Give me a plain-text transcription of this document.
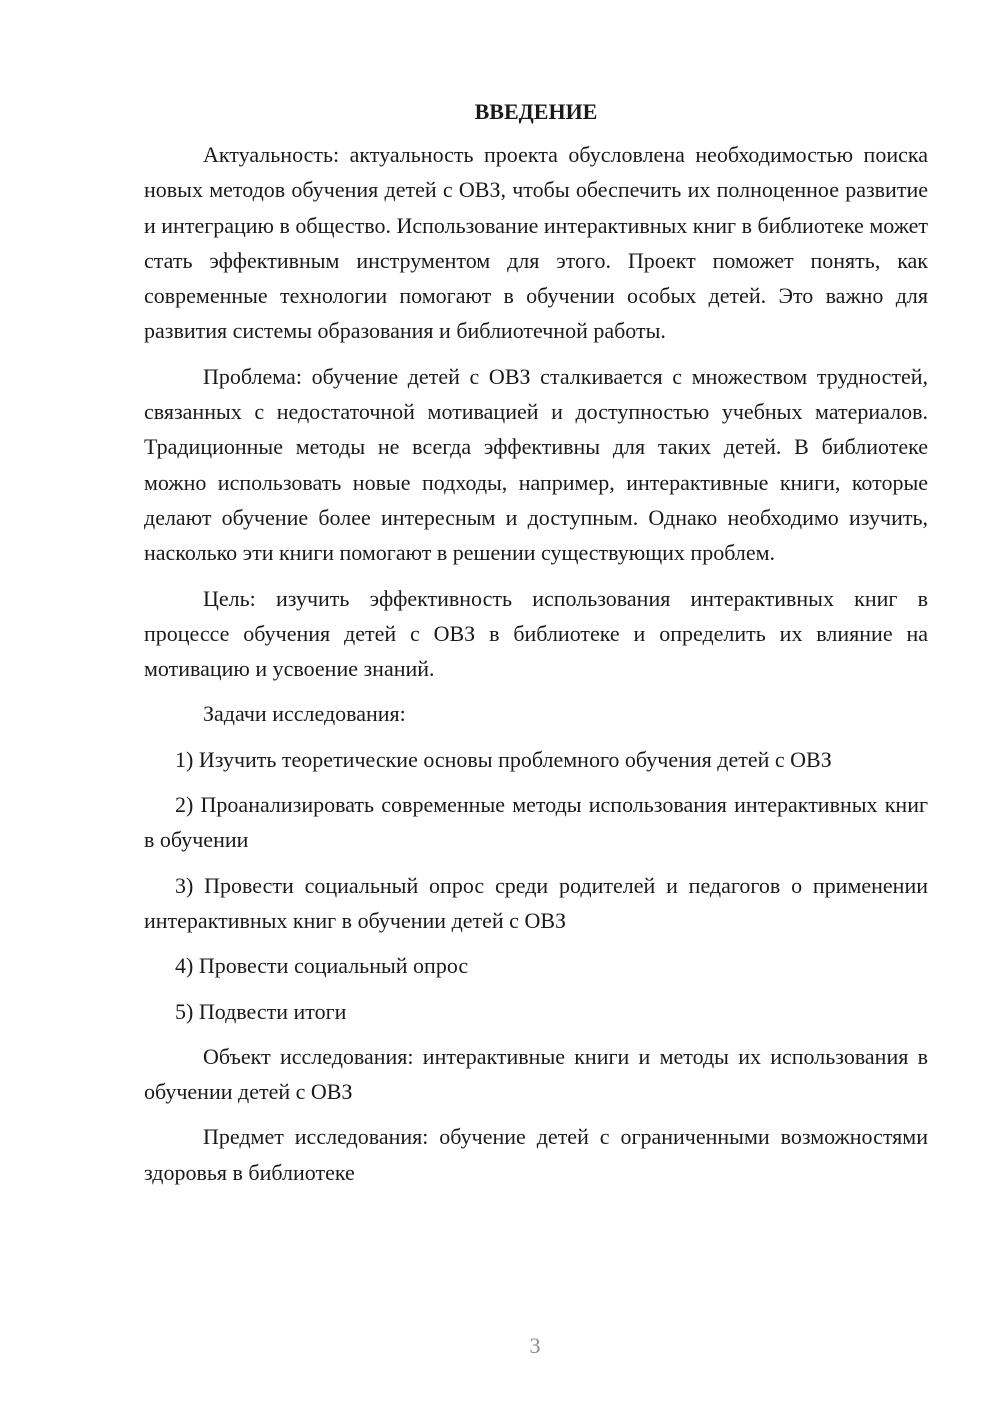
ВВЕДЕНИЕ

Актуальность: актуальность проекта обусловлена необходимостью поиска новых методов обучения детей с ОВЗ, чтобы обеспечить их полноценное развитие и интеграцию в общество. Использование интерактивных книг в библиотеке может стать эффективным инструментом для этого. Проект поможет понять, как современные технологии помогают в обучении особых детей. Это важно для развития системы образования и библиотечной работы.

Проблема: обучение детей с ОВЗ сталкивается с множеством трудностей, связанных с недостаточной мотивацией и доступностью учебных материалов. Традиционные методы не всегда эффективны для таких детей. В библиотеке можно использовать новые подходы, например, интерактивные книги, которые делают обучение более интересным и доступным. Однако необходимо изучить, насколько эти книги помогают в решении существующих проблем.

Цель: изучить эффективность использования интерактивных книг в процессе обучения детей с ОВЗ в библиотеке и определить их влияние на мотивацию и усвоение знаний.

Задачи исследования:

1) Изучить теоретические основы проблемного обучения детей с ОВЗ

2) Проанализировать современные методы использования интерактивных книг в обучении

3) Провести социальный опрос среди родителей и педагогов о применении интерактивных книг в обучении детей с ОВЗ

4) Провести социальный опрос

5) Подвести итоги

Объект исследования: интерактивные книги и методы их использования в обучении детей с ОВЗ

Предмет исследования: обучение детей с ограниченными возможностями здоровья в библиотеке

3
